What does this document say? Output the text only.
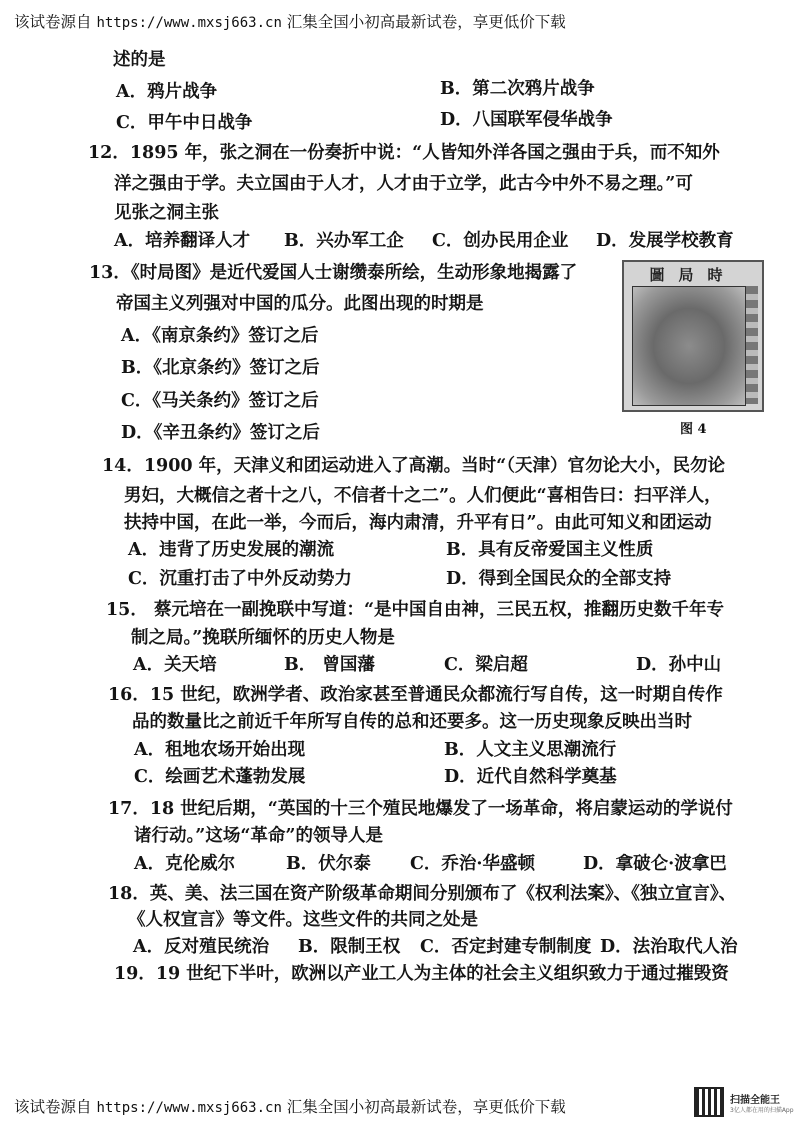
该试卷源自 https://www.mxsj663.cn 汇集全国小初高最新试卷，享更低价下载
述的是
A．鸦片战争	B．第二次鸦片战争
C．甲午中日战争	D．八国联军侵华战争
12．1895 年，张之洞在一份奏折中说：“人皆知外洋各国之强由于兵，而不知外
洋之强由于学。夫立国由于人才，人才由于立学，此古今中外不易之理。”可
见张之洞主张
A．培养翻译人才 B．兴办军工企 C．创办民用企业 D．发展学校教育
13．《时局图》是近代爱国人士谢缵泰所绘，生动形象地揭露了
帝国主义列强对中国的瓜分。此图出现的时期是
A．《南京条约》签订之后
B．《北京条约》签订之后
C．《马关条约》签订之后
D．《辛丑条约》签订之后
圖局時
图 4
14．1900 年，天津义和团运动进入了高潮。当时“（天津）官勿论大小，民勿论
男妇，大概信之者十之八，不信者十之二”。人们便此“喜相告曰：扫平洋人，
扶持中国，在此一举，今而后，海内肃清，升平有日”。由此可知义和团运动
A．违背了历史发展的潮流	B．具有反帝爱国主义性质
C．沉重打击了中外反动势力	D．得到全国民众的全部支持
15． 蔡元培在一副挽联中写道：“是中国自由神，三民五权，推翻历史数千年专
制之局。”挽联所缅怀的历史人物是
A．关天培	B． 曾国藩	C．梁启超	D．孙中山
16．15 世纪，欧洲学者、政治家甚至普通民众都流行写自传，这一时期自传作
品的数量比之前近千年所写自传的总和还要多。这一历史现象反映出当时
A．租地农场开始出现	B．人文主义思潮流行
C．绘画艺术蓬勃发展	D．近代自然科学奠基
17．18 世纪后期，“英国的十三个殖民地爆发了一场革命，将启蒙运动的学说付
诸行动。”这场“革命”的领导人是
A．克伦威尔	B．伏尔泰 C．乔治·华盛顿	D．拿破仑·波拿巴
18．英、美、法三国在资产阶级革命期间分别颁布了《权利法案》、《独立宣言》、
《人权宣言》等文件。这些文件的共同之处是
A．反对殖民统治 B．限制王权 C．否定封建专制制度 D．法治取代人治
19．19 世纪下半叶，欧洲以产业工人为主体的社会主义组织致力于通过摧毁资
该试卷源自 https://www.mxsj663.cn 汇集全国小初高最新试卷，享更低价下载	扫描全能王
3亿人都在用的扫描App
